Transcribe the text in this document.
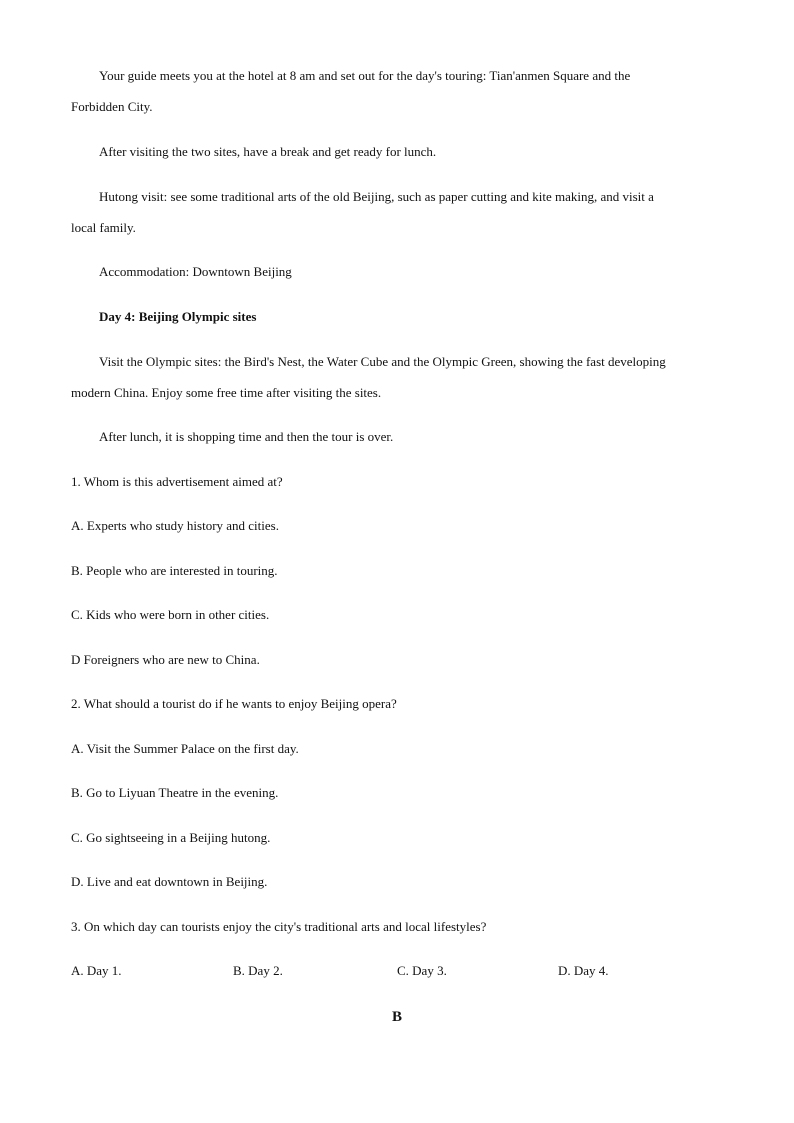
Your guide meets you at the hotel at 8 am and set out for the day's touring: Tian'anmen Square and the
Forbidden City.
After visiting the two sites, have a break and get ready for lunch.
Hutong visit: see some traditional arts of the old Beijing, such as paper cutting and kite making, and visit a
local family.
Accommodation: Downtown Beijing
Day 4: Beijing Olympic sites
Visit the Olympic sites: the Bird's Nest, the Water Cube and the Olympic Green, showing the fast developing
modern China. Enjoy some free time after visiting the sites.
After lunch, it is shopping time and then the tour is over.
1. Whom is this advertisement aimed at?
A. Experts who study history and cities.
B. People who are interested in touring.
C. Kids who were born in other cities.
D Foreigners who are new to China.
2. What should a tourist do if he wants to enjoy Beijing opera?
A. Visit the Summer Palace on the first day.
B. Go to Liyuan Theatre in the evening.
C. Go sightseeing in a Beijing hutong.
D. Live and eat downtown in Beijing.
3. On which day can tourists enjoy the city's traditional arts and local lifestyles?
A. Day 1.	B. Day 2.	C. Day 3.	D. Day 4.
B
